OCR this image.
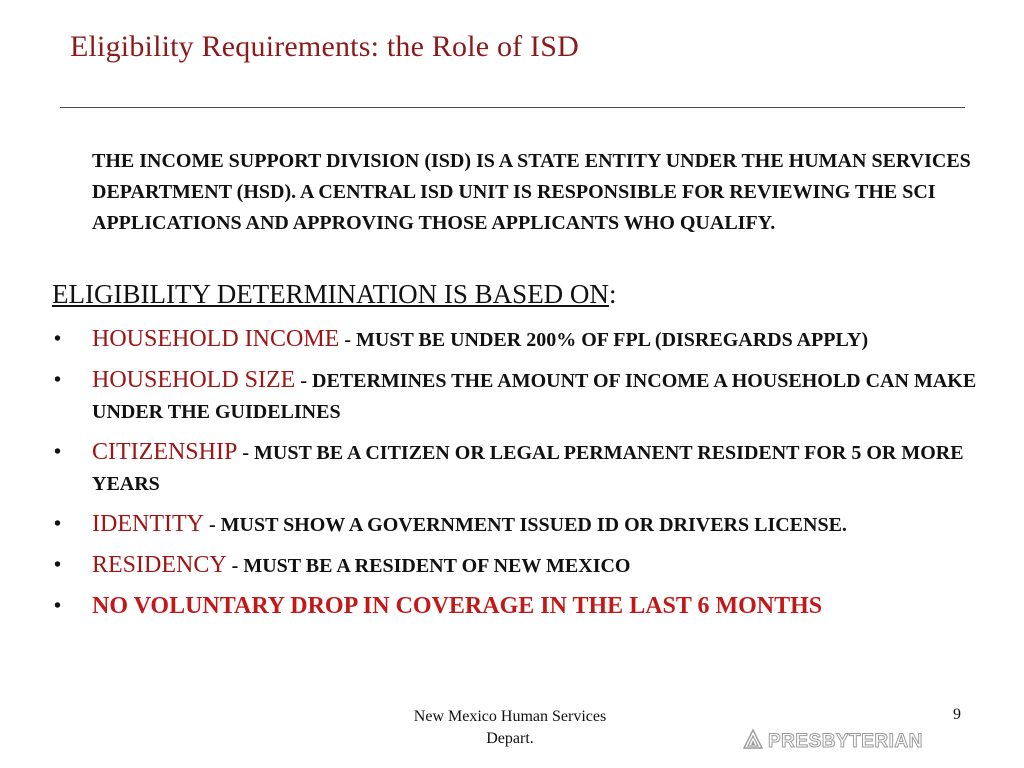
Eligibility Requirements: the Role of ISD

THE INCOME SUPPORT DIVISION (ISD) IS A STATE ENTITY UNDER THE HUMAN SERVICES DEPARTMENT (HSD). A CENTRAL ISD UNIT IS RESPONSIBLE FOR REVIEWING THE SCI APPLICATIONS AND APPROVING THOSE APPLICANTS WHO QUALIFY.

ELIGIBILITY DETERMINATION IS BASED ON:
• HOUSEHOLD INCOME - MUST BE UNDER 200% OF FPL (DISREGARDS APPLY)
• HOUSEHOLD SIZE - DETERMINES THE AMOUNT OF INCOME A HOUSEHOLD CAN MAKE UNDER THE GUIDELINES
• CITIZENSHIP - MUST BE A CITIZEN OR LEGAL PERMANENT RESIDENT FOR 5 OR MORE YEARS
• IDENTITY - MUST SHOW A GOVERNMENT ISSUED ID OR DRIVERS LICENSE.
• RESIDENCY - MUST BE A RESIDENT OF NEW MEXICO
• NO VOLUNTARY DROP IN COVERAGE IN THE LAST 6 MONTHS
New Mexico Human Services
Depart.
9
PRESBYTERIAN
